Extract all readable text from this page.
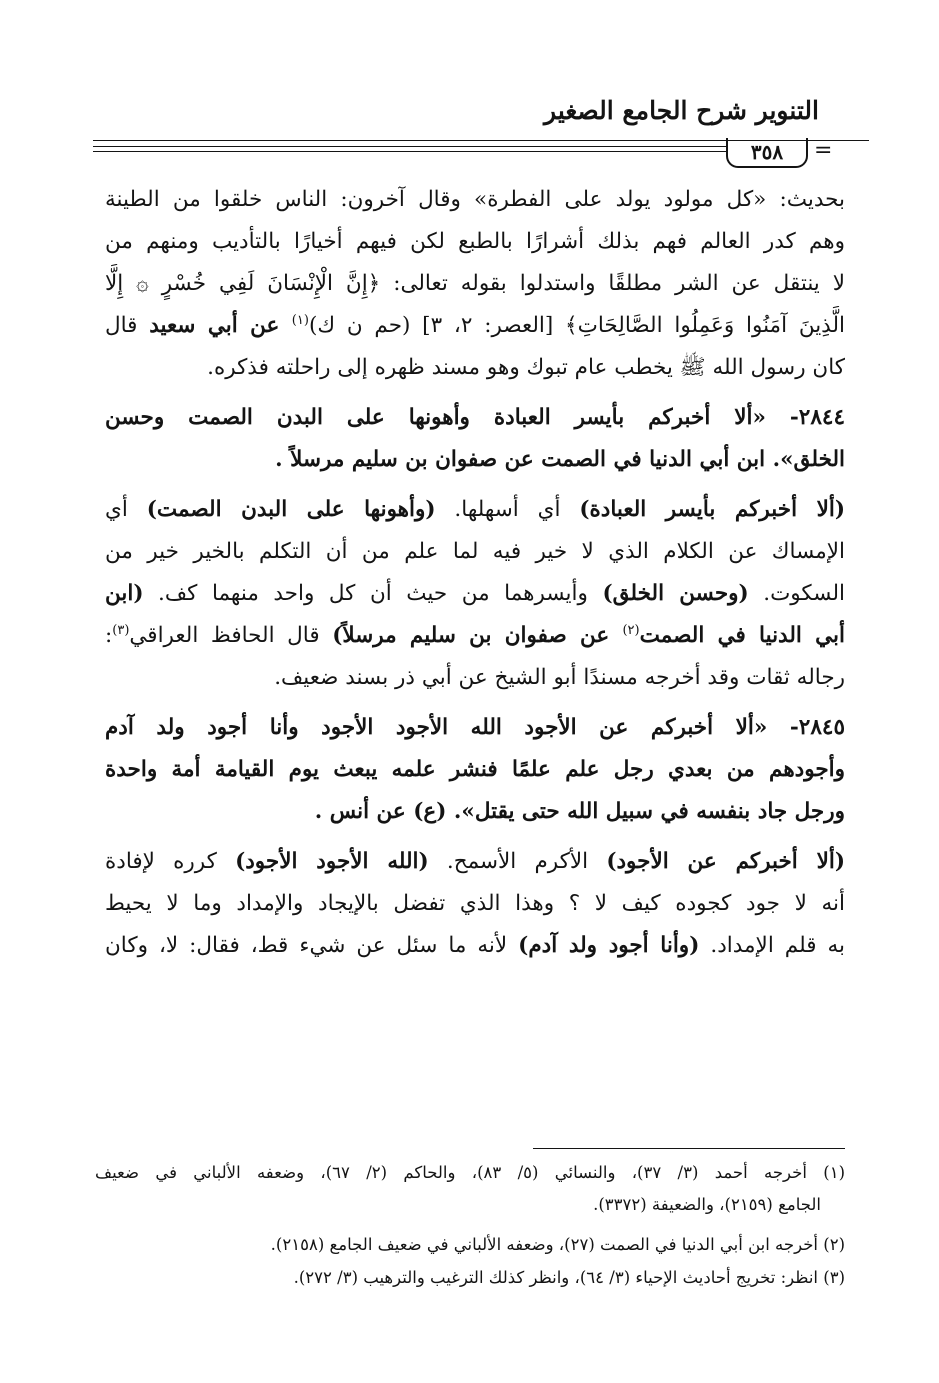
التنوير شرح الجامع الصغير
٣٥٨	=
بحديث: «كل مولود يولد على الفطرة» وقال آخرون: الناس خلقوا من الطينة
وهم كدر العالم فهم بذلك أشرارًا بالطبع لكن فيهم أخيارًا بالتأديب ومنهم من
لا ينتقل عن الشر مطلقًا واستدلوا بقوله تعالى: ﴿إِنَّ الْإِنْسَانَ لَفِي خُسْرٍ ۞ إِلَّا
الَّذِينَ آمَنُوا وَعَمِلُوا الصَّالِحَاتِ﴾ [العصر: ٢، ٣] (حم ن ك)$^{(١)}$ عن أبي سعيد قال
كان رسول الله ﷺ يخطب عام تبوك وهو مسند ظهره إلى راحلته فذكره.
٢٨٤٤- «ألا أخبركم بأيسر العبادة وأهونها على البدن الصمت وحسن
الخلق». ابن أبي الدنيا في الصمت عن صفوان بن سليم مرسلاً .
(ألا أخبركم بأيسر العبادة) أي أسهلها. (وأهونها على البدن الصمت) أي
الإمساك عن الكلام الذي لا خير فيه لما علم من أن التكلم بالخير خير من
السكوت. (وحسن الخلق) وأيسرهما من حيث أن كل واحد منهما كف. (ابن
أبي الدنيا في الصمت$^{(٢)}$ عن صفوان بن سليم مرسلاً) قال الحافظ العراقي$^{(٣)}$:
رجاله ثقات وقد أخرجه مسندًا أبو الشيخ عن أبي ذر بسند ضعيف.
٢٨٤٥- «ألا أخبركم عن الأجود الله الأجود الأجود وأنا أجود ولد آدم
وأجودهم من بعدي رجل علم علمًا فنشر علمه يبعث يوم القيامة أمة واحدة
ورجل جاد بنفسه في سبيل الله حتى يقتل». (ع) عن أنس .
(ألا أخبركم عن الأجود) الأكرم الأسمح. (الله الأجود الأجود) كرره لإفادة
أنه لا جود كجوده كيف لا ؟ وهذا الذي تفضل بالإيجاد والإمداد وما لا يحيط
به قلم الإمداد. (وأنا أجود ولد آدم) لأنه ما سئل عن شيء قط، فقال: لا، وكان
(١) أخرجه أحمد (٣/ ٣٧)، والنسائي (٥/ ٨٣)، والحاكم (٢/ ٦٧)، وضعفه الألباني في ضعيف
الجامع (٢١٥٩)، والضعيفة (٣٣٧٢).
(٢) أخرجه ابن أبي الدنيا في الصمت (٢٧)، وضعفه الألباني في ضعيف الجامع (٢١٥٨).
(٣) انظر: تخريج أحاديث الإحياء (٣/ ٦٤)، وانظر كذلك الترغيب والترهيب (٣/ ٢٧٢).
